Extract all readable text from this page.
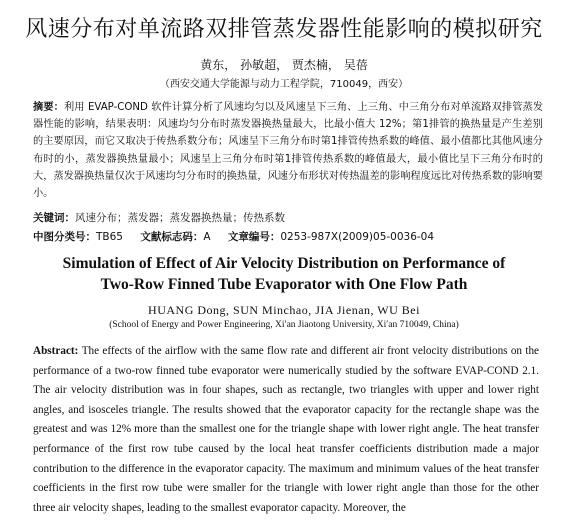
风速分布对单流路双排管蒸发器性能影响的模拟研究
黄东， 孙敏超， 贾杰楠， 吴蓓
（西安交通大学能源与动力工程学院，710049，西安）
摘要：利用 EVAP-COND 软件计算分析了风速均匀以及风速呈下三角、上三角、中三角分布对单流路双排管蒸发器性能的影响，结果表明：风速均匀分布时蒸发器换热量最大，比最小值大 12%；第1排管的换热量是产生差别的主要原因，而它又取决于传热系数分布；风速呈下三角分布时第1排管传热系数的峰值、最小值都比其他风速分布时的小，蒸发器换热量最小；风速呈上三角分布时第1排管传热系数的峰值最大，最小值比呈下三角分布时的大，蒸发器换热量仅次于风速均匀分布时的换热量，风速分布形状对传热温差的影响程度远比对传热系数的影响要小。
关键词：风速分布；蒸发器；蒸发器换热量；传热系数
中图分类号：TB65 文献标志码：A 文章编号：0253-987X(2009)05-0036-04
Simulation of Effect of Air Velocity Distribution on Performance of
Two-Row Finned Tube Evaporator with One Flow Path
HUANG Dong, SUN Minchao, JIA Jienan, WU Bei
(School of Energy and Power Engineering, Xi′an Jiaotong University, Xi′an 710049, China)
Abstract: The effects of the airflow with the same flow rate and different air front velocity distributions on the performance of a two-row finned tube evaporator were numerically studied by the software EVAP-COND 2.1. The air velocity distribution was in four shapes, such as rectangle, two triangles with upper and lower right angles, and isosceles triangle. The results showed that the evaporator capacity for the rectangle shape was the greatest and was 12% more than the smallest one for the triangle shape with lower right angle. The heat transfer performance of the first row tube caused by the local heat transfer coefficients distribution made a major contribution to the difference in the evaporator capacity. The maximum and minimum values of the heat transfer coefficients in the first row tube were smaller for the triangle with lower right angle than those for the other three air velocity shapes, leading to the smallest evaporator capacity. Moreover, the
